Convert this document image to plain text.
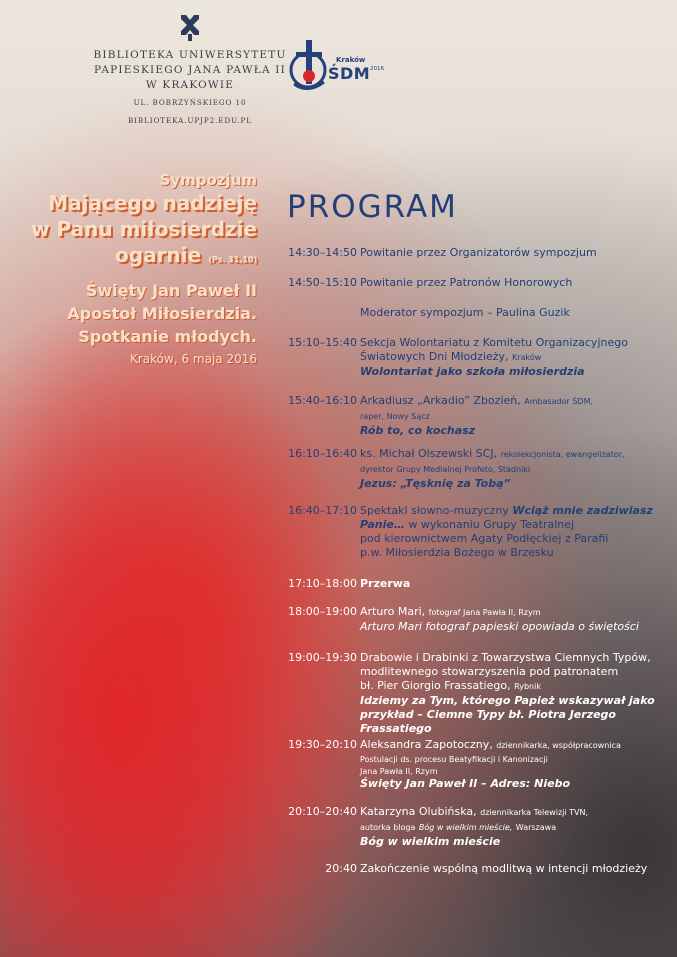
BIBLIOTEKA UNIWERSYTETU
PAPIESKIEGO JANA PAWŁA II
W KRAKOWIE
UL. BOBRZYŃSKIEGO 10
BIBLIOTEKA.UPJP2.EDU.PL
Kraków
ŚDM 2016
Sympozjum
Mającego nadzieję
w Panu miłosierdzie
ogarnie (Ps. 31,10)
Święty Jan Paweł II
Apostoł Miłosierdzia.
Spotkanie młodych.
Kraków, 6 maja 2016
PROGRAM
14:30–14:50 Powitanie przez Organizatorów sympozjum
14:50–15:10 Powitanie przez Patronów Honorowych
Moderator sympozjum – Paulina Guzik
15:10–15:40 Sekcja Wolontariatu z Komitetu Organizacyjnego
Światowych Dni Młodzieży, Kraków
Wolontariat jako szkoła miłosierdzia
15:40–16:10 Arkadiusz „Arkadio” Zbozień, Ambasador ŚDM,
raper, Nowy Sącz
Rób to, co kochasz
16:10–16:40 ks. Michał Olszewski SCJ, rekolekcjonista, ewangelizator,
dyrektor Grupy Medialnej Profeto, Stadniki
Jezus: „Tęsknię za Tobą”
16:40–17:10 Spektakl słowno-muzyczny Wciąż mnie zadziwiasz
Panie… w wykonaniu Grupy Teatralnej
pod kierownictwem Agaty Podłęckiej z Parafii
p.w. Miłosierdzia Bożego w Brzesku
17:10–18:00 Przerwa
18:00–19:00 Arturo Mari, fotograf Jana Pawła II, Rzym
Arturo Mari fotograf papieski opowiada o świętości
19:00–19:30 Drabowie i Drabinki z Towarzystwa Ciemnych Typów,
modlitewnego stowarzyszenia pod patronatem
bł. Pier Giorgio Frassatiego, Rybnik
Idziemy za Tym, którego Papież wskazywał jako
przykład – Ciemne Typy bł. Piotra Jerzego Frassatiego
19:30–20:10 Aleksandra Zapotoczny, dziennikarka, współpracownica
Postulacji ds. procesu Beatyfikacji i Kanonizacji
Jana Pawła II, Rzym
Święty Jan Paweł II – Adres: Niebo
20:10–20:40 Katarzyna Olubińska, dziennikarka Telewizji TVN,
autorka bloga Bóg w wielkim mieście, Warszawa
Bóg w wielkim mieście
20:40 Zakończenie wspólną modlitwą w intencji młodzieży
